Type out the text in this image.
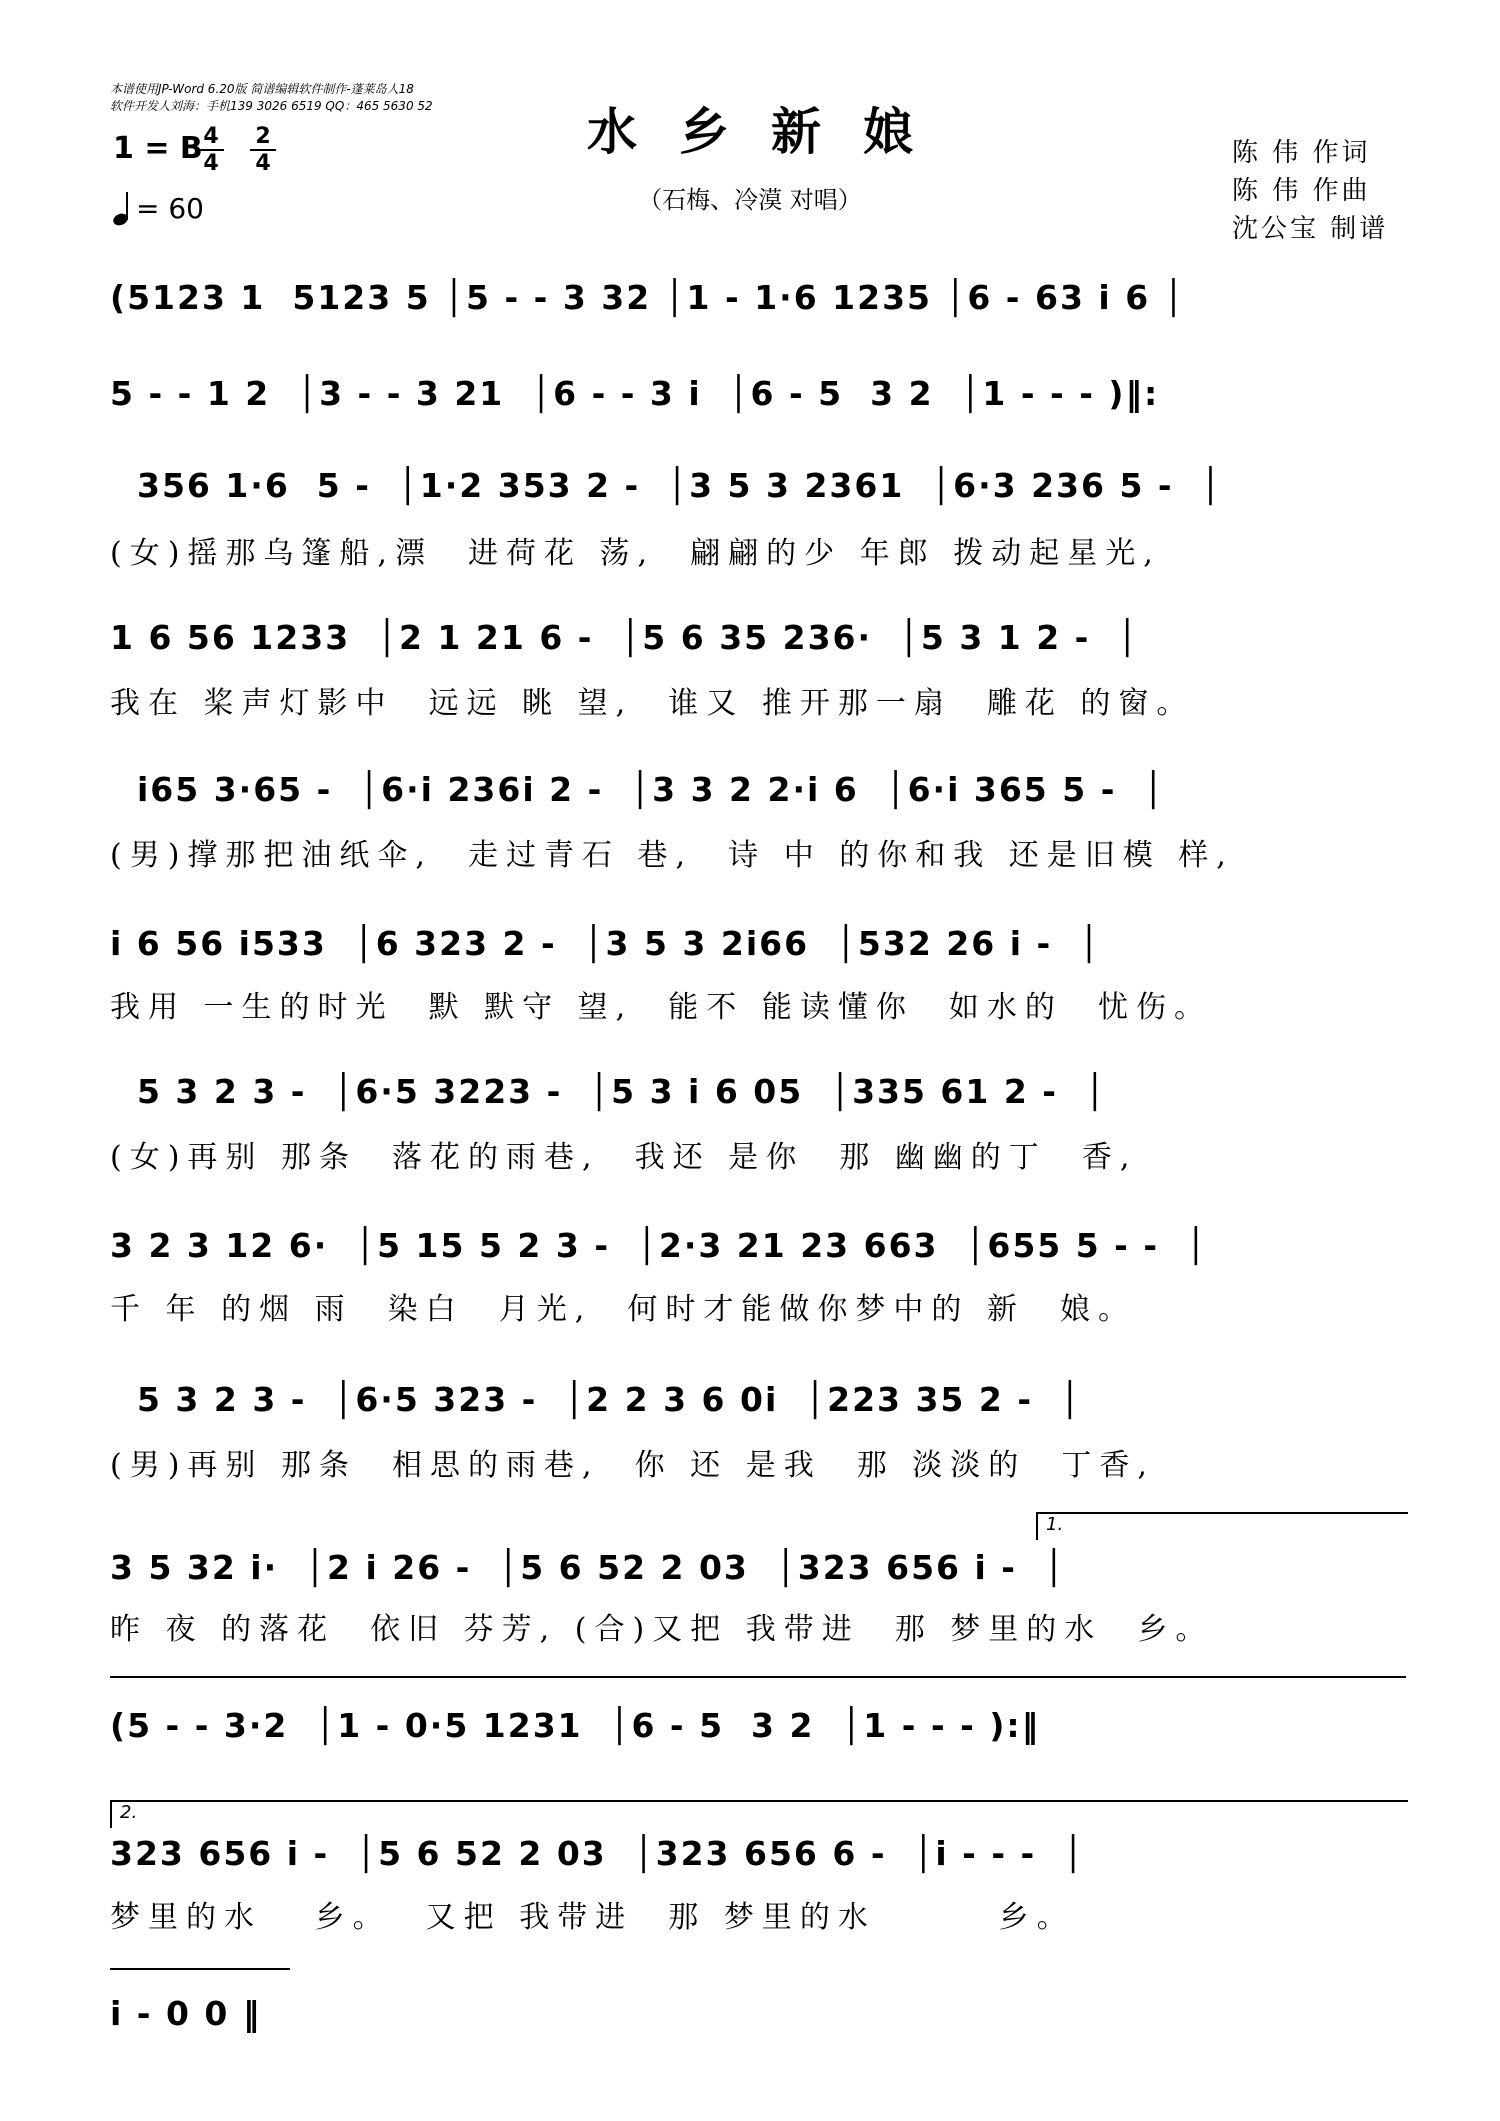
本谱使用JP-Word 6.20版 简谱编辑软件制作-蓬莱岛人18
软件开发人刘海：手机139 3026 6519 QQ：465 5630 52
1 = B 4
4
2
4
= 60
水乡新娘
（石梅、冷漠 对唱）
陈 伟 作词
陈 伟 作曲
沈公宝 制谱
(5123 1  5123 5 │5 - - 3 32 │1 - 1·6 1235 │6 - 63 i 6 │
5 - - 1 2  │3 - - 3 21  │6 - - 3 i  │6 - 5  3 2  │1 - - - )‖:
356 1·6  5 -  │1·2 353 2 -  │3 5 3 2361  │6·3 236 5 -  │
(女)摇那乌篷船,漂  进荷花 荡,  翩翩的少 年郎 拨动起星光,
1 6 56 1233  │2 1 21 6 -  │5 6 35 236·  │5 3 1 2 -  │
我在 桨声灯影中  远远 眺 望,  谁又 推开那一扇  雕花 的窗。
i65 3·65 -  │6·i 236i 2 -  │3 3 2 2·i 6  │6·i 365 5 -  │
(男)撑那把油纸伞,  走过青石 巷,  诗 中 的你和我 还是旧模 样,
i 6 56 i533  │6 323 2 -  │3 5 3 2i66  │532 26 i -  │
我用 一生的时光  默 默守 望,  能不 能读懂你  如水的  忧伤。
5 3 2 3 -  │6·5 3223 -  │5 3 i 6 05  │335 61 2 -  │
(女)再别 那条  落花的雨巷,  我还 是你  那 幽幽的丁  香,
3 2 3 12 6·  │5 15 5 2 3 -  │2·3 21 23 663  │655 5 - -  │
千 年 的烟 雨  染白  月光,  何时才能做你梦中的 新  娘。
5 3 2 3 -  │6·5 323 -  │2 2 3 6 0i  │223 35 2 -  │
(男)再别 那条  相思的雨巷,  你 还 是我  那 淡淡的  丁香,
1.
3 5 32 i·  │2 i 26 -  │5 6 52 2 03  │323 656 i -  │
昨 夜 的落花  依旧 芬芳, (合)又把 我带进  那 梦里的水  乡。
(5 - - 3·2  │1 - 0·5 1231  │6 - 5  3 2  │1 - - - ):‖
2.
323 656 i -  │5 6 52 2 03  │323 656 6 -  │i - - -  │
梦里的水   乡。  又把 我带进  那 梦里的水       乡。
i - 0 0 ‖
